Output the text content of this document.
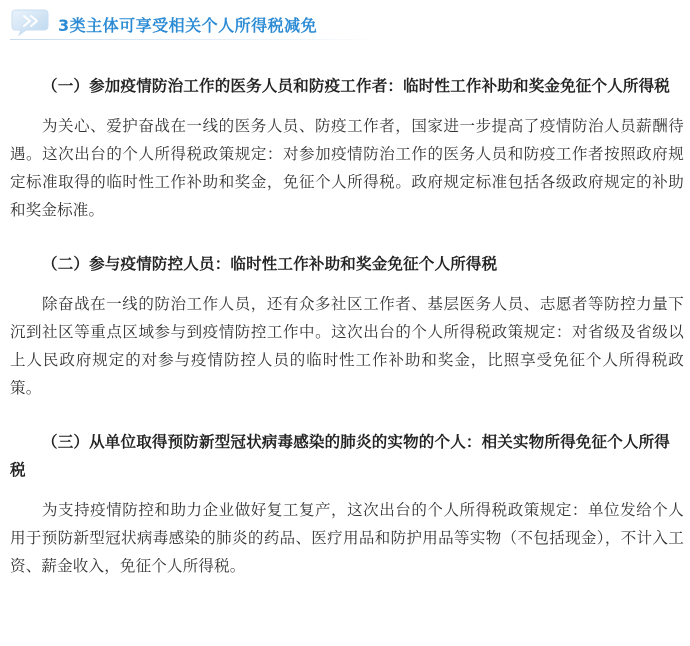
3类主体可享受相关个人所得税减免

（一）参加疫情防治工作的医务人员和防疫工作者：临时性工作补助和奖金免征个人所得税

为关心、爱护奋战在一线的医务人员、防疫工作者，国家进一步提高了疫情防治人员薪酬待遇。这次出台的个人所得税政策规定：对参加疫情防治工作的医务人员和防疫工作者按照政府规定标准取得的临时性工作补助和奖金，免征个人所得税。政府规定标准包括各级政府规定的补助和奖金标准。

（二）参与疫情防控人员：临时性工作补助和奖金免征个人所得税

除奋战在一线的防治工作人员，还有众多社区工作者、基层医务人员、志愿者等防控力量下沉到社区等重点区域参与到疫情防控工作中。这次出台的个人所得税政策规定：对省级及省级以上人民政府规定的对参与疫情防控人员的临时性工作补助和奖金，比照享受免征个人所得税政策。

（三）从单位取得预防新型冠状病毒感染的肺炎的实物的个人：相关实物所得免征个人所得税

为支持疫情防控和助力企业做好复工复产，这次出台的个人所得税政策规定：单位发给个人用于预防新型冠状病毒感染的肺炎的药品、医疗用品和防护用品等实物（不包括现金），不计入工资、薪金收入，免征个人所得税。
